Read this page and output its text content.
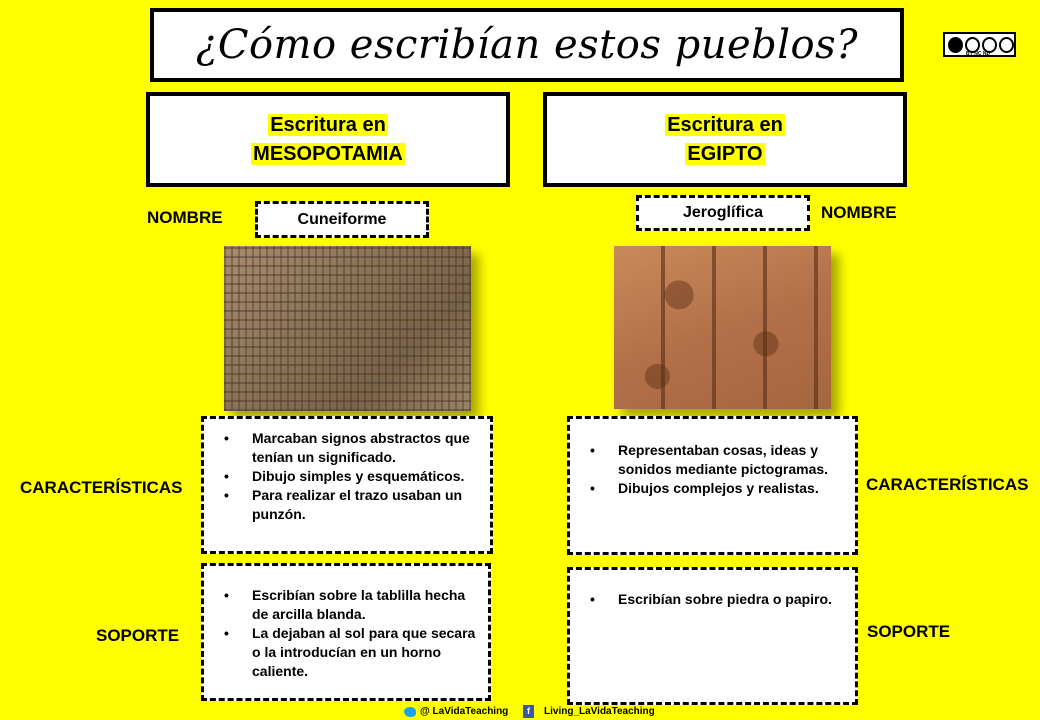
¿Cómo escribían estos pueblos?	BY NC ND
Escritura en
MESOPOTAMIA
Escritura en
EGIPTO
NOMBRE	Cuneiforme	Jeroglífica	NOMBRE
CARACTERÍSTICAS	CARACTERÍSTICAS
• Marcaban signos abstractos que tenían un significado.
• Dibujo simples y esquemáticos.
• Para realizar el trazo usaban un punzón.
• Representaban cosas, ideas y sonidos mediante pictogramas.
• Dibujos complejos y realistas.
SOPORTE	SOPORTE
• Escribían sobre la tablilla hecha de arcilla blanda.
• La dejaban al sol para que secara o la introducían en un horno caliente.
• Escribían sobre piedra o papiro.
@ LaVidaTeaching	f	Living_LaVidaTeaching
